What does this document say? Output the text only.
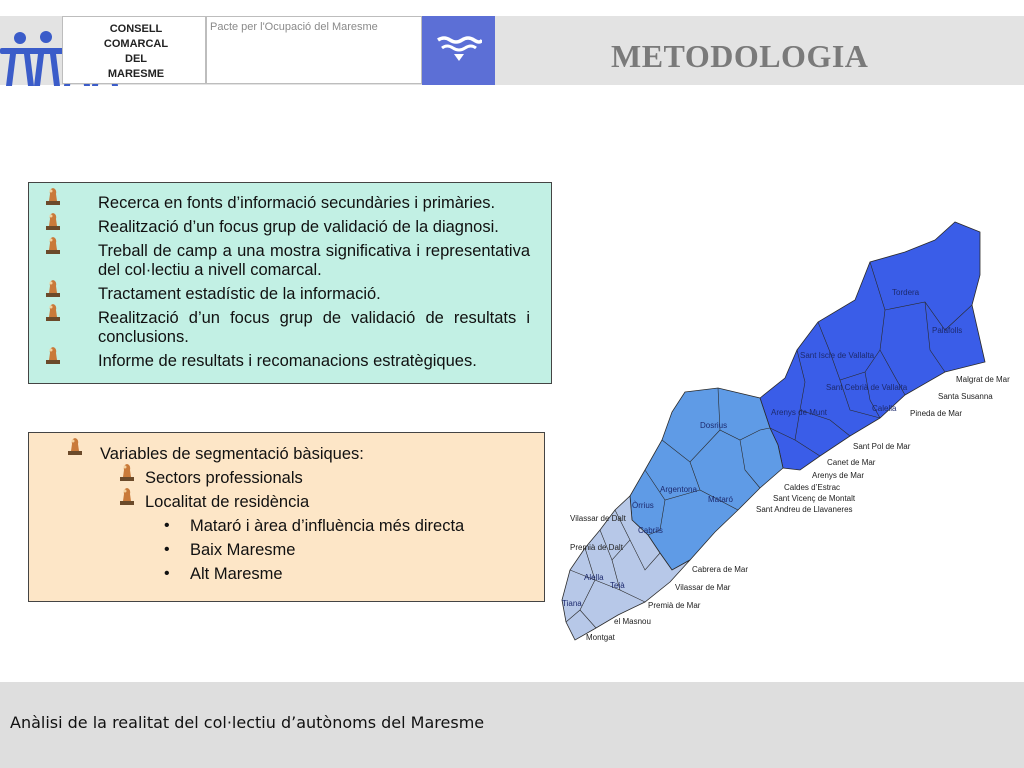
CONSELL
COMARCAL
DEL
MARESME
Pacte per l'Ocupació del Maresme
METODOLOGIA
Recerca en fonts d’informació secundàries i primàries.
Realització d’un focus grup de validació de la diagnosi.
Treball de camp a una mostra significativa i representativa del col·lectiu a nivell comarcal.
Tractament estadístic de la informació.
Realització d’un focus grup de validació de resultats i conclusions.
Informe de resultats i recomanacions estratègiques.
Variables de segmentació bàsiques:
Sectors professionals
Localitat de residència
• Mataró i àrea d’influència més directa
• Baix Maresme
• Alt Maresme
Tordera
Palafolls
Malgrat de Mar
Santa Susanna
Pineda de Mar
Sant Iscle de Vallalta
Sant Cebrià de Vallalta
Calella
Arenys de Munt
Sant Pol de Mar
Canet de Mar
Arenys de Mar
Caldes d’Estrac
Sant Vicenç de Montalt
Sant Andreu de Llavaneres
Dosrius
Argentona
Mataró
Òrrius
Cabrils
Vilassar de Dalt
Premià de Dalt
Alella
Teià
Tiana
Cabrera de Mar
Vilassar de Mar
Premià de Mar
el Masnou
Montgat
Anàlisi de la realitat del col·lectiu d’autònoms del Maresme
